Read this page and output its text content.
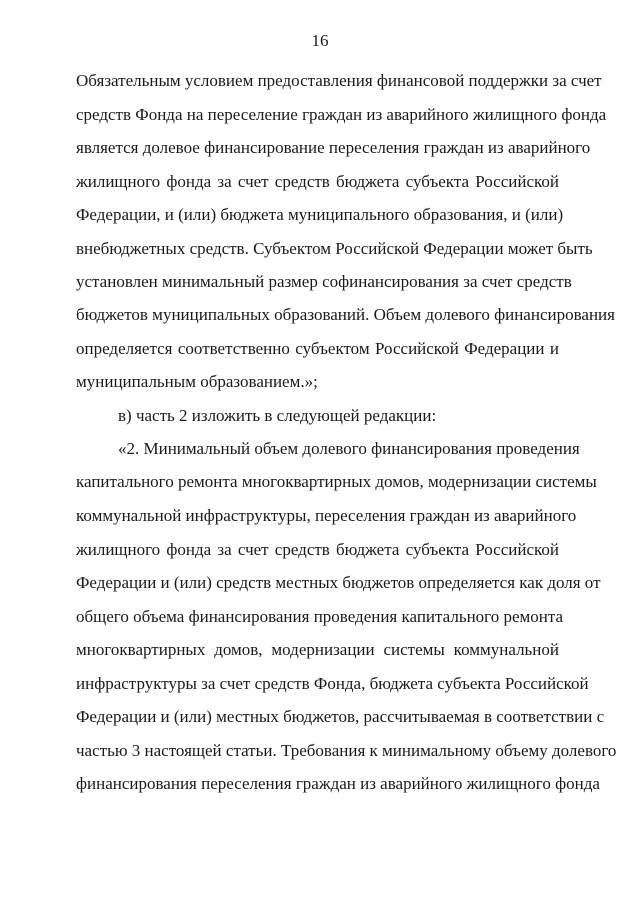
16
Обязательным условием предоставления финансовой поддержки за счет
средств Фонда на переселение граждан из аварийного жилищного фонда
является долевое финансирование переселения граждан из аварийного
жилищного фонда за счет средств бюджета субъекта Российской
Федерации, и (или) бюджета муниципального образования, и (или)
внебюджетных средств. Субъектом Российской Федерации может быть
установлен минимальный размер софинансирования за счет средств
бюджетов муниципальных образований. Объем долевого финансирования
определяется соответственно субъектом Российской Федерации и
муниципальным образованием.»;
в) часть 2 изложить в следующей редакции:
«2. Минимальный объем долевого финансирования проведения
капитального ремонта многоквартирных домов, модернизации системы
коммунальной инфраструктуры, переселения граждан из аварийного
жилищного фонда за счет средств бюджета субъекта Российской
Федерации и (или) средств местных бюджетов определяется как доля от
общего объема финансирования проведения капитального ремонта
многоквартирных домов, модернизации системы коммунальной
инфраструктуры за счет средств Фонда, бюджета субъекта Российской
Федерации и (или) местных бюджетов, рассчитываемая в соответствии с
частью 3 настоящей статьи. Требования к минимальному объему долевого
финансирования переселения граждан из аварийного жилищного фонда
